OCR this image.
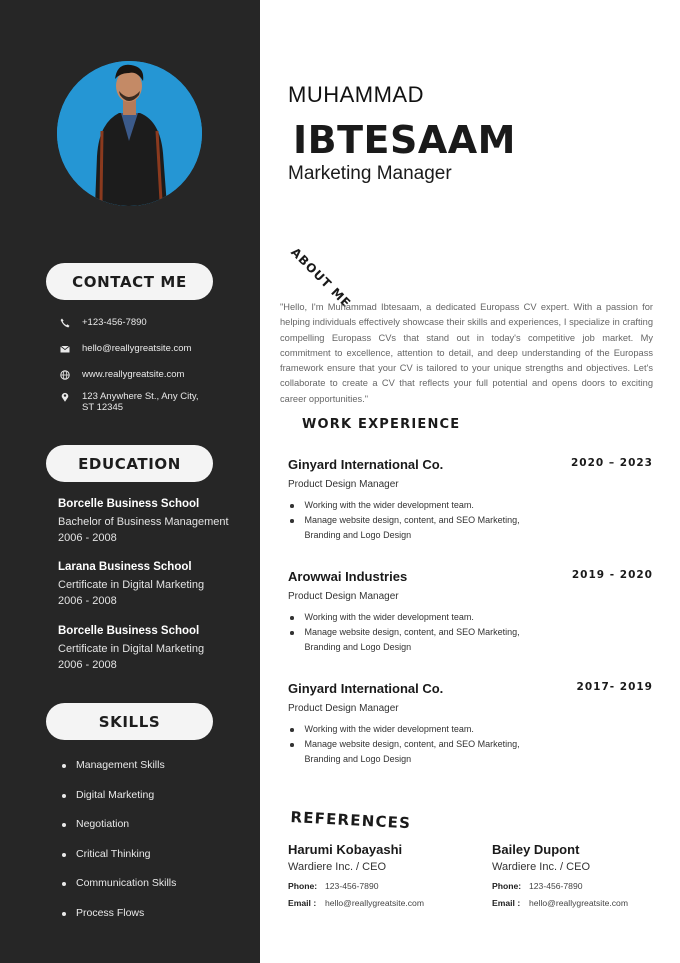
CONTACT ME
+123-456-7890
hello@reallygreatsite.com
www.reallygreatsite.com
123 Anywhere St., Any City, ST 12345
EDUCATION
Borcelle Business School
Bachelor of Business Management
2006 - 2008
Larana Business School
Certificate in Digital Marketing
2006 - 2008
Borcelle Business School
Certificate in Digital Marketing
2006 - 2008
SKILLS
Management Skills
Digital Marketing
Negotiation
Critical Thinking
Communication Skills
Process Flows
MUHAMMAD
IBTESAAM
Marketing Manager
ABOUT ME

"Hello, I'm Muhammad Ibtesaam, a dedicated Europass CV expert. With a passion for helping individuals effectively showcase their skills and experiences, I specialize in crafting compelling Europass CVs that stand out in today's competitive job market. My commitment to excellence, attention to detail, and deep understanding of the Europass framework ensure that your CV is tailored to your unique strengths and objectives. Let's collaborate to create a CV that reflects your full potential and opens doors to exciting career opportunities."

WORK EXPERIENCE
Ginyard International Co.	2020 – 2023
Product Design Manager
Working with the wider development team.
Manage website design, content, and SEO Marketing, Branding and Logo Design
Arowwai Industries	2019 - 2020
Product Design Manager
Working with the wider development team.
Manage website design, content, and SEO Marketing, Branding and Logo Design
Ginyard International Co.	2017- 2019
Product Design Manager
Working with the wider development team.
Manage website design, content, and SEO Marketing, Branding and Logo Design
REFERENCES
Harumi Kobayashi
Wardiere Inc. / CEO
Phone: 123-456-7890
Email :	hello@reallygreatsite.com
Bailey Dupont
Wardiere Inc. / CEO
Phone: 123-456-7890
Email :	hello@reallygreatsite.com
